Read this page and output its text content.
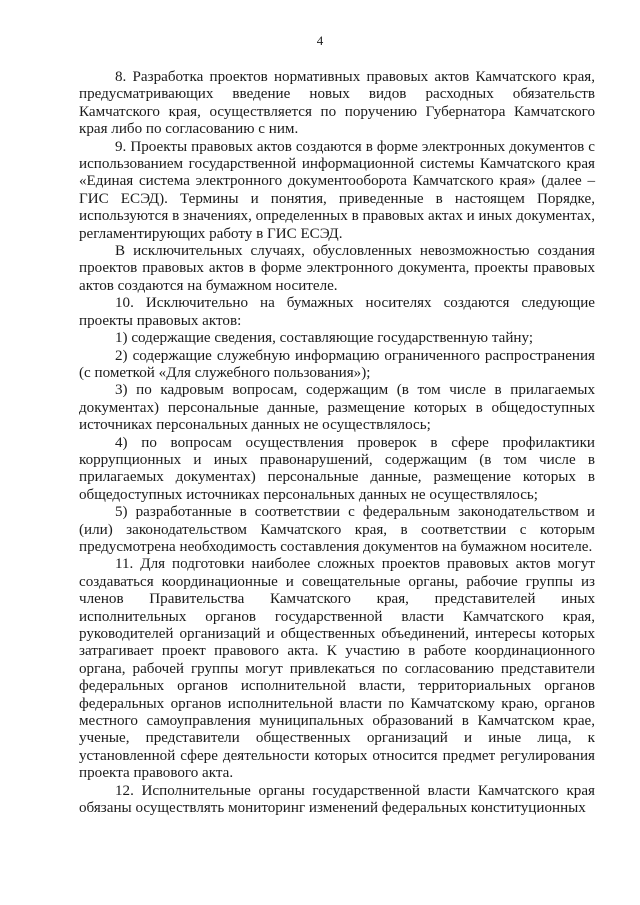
4

8. Разработка проектов нормативных правовых актов Камчатского края, предусматривающих введение новых видов расходных обязательств Камчатского края, осуществляется по поручению Губернатора Камчатского края либо по согласованию с ним.

9. Проекты правовых актов создаются в форме электронных документов с использованием государственной информационной системы Камчатского края «Единая система электронного документооборота Камчатского края» (далее – ГИС ЕСЭД). Термины и понятия, приведенные в настоящем Порядке, используются в значениях, определенных в правовых актах и иных документах, регламентирующих работу в ГИС ЕСЭД.

В исключительных случаях, обусловленных невозможностью создания проектов правовых актов в форме электронного документа, проекты правовых актов создаются на бумажном носителе.

10. Исключительно на бумажных носителях создаются следующие проекты правовых актов:

1) содержащие сведения, составляющие государственную тайну;

2) содержащие служебную информацию ограниченного распространения (с пометкой «Для служебного пользования»);

3) по кадровым вопросам, содержащим (в том числе в прилагаемых документах) персональные данные, размещение которых в общедоступных источниках персональных данных не осуществлялось;

4) по вопросам осуществления проверок в сфере профилактики коррупционных и иных правонарушений, содержащим (в том числе в прилагаемых документах) персональные данные, размещение которых в общедоступных источниках персональных данных не осуществлялось;

5) разработанные в соответствии с федеральным законодательством и (или) законодательством Камчатского края, в соответствии с которым предусмотрена необходимость составления документов на бумажном носителе.

11. Для подготовки наиболее сложных проектов правовых актов могут создаваться координационные и совещательные органы, рабочие группы из членов Правительства Камчатского края, представителей иных исполнительных органов государственной власти Камчатского края, руководителей организаций и общественных объединений, интересы которых затрагивает проект правового акта. К участию в работе координационного органа, рабочей группы могут привлекаться по согласованию представители федеральных органов исполнительной власти, территориальных органов федеральных органов исполнительной власти по Камчатскому краю, органов местного самоуправления муниципальных образований в Камчатском крае, ученые, представители общественных организаций и иные лица, к установленной сфере деятельности которых относится предмет регулирования проекта правового акта.

12. Исполнительные органы государственной власти Камчатского края обязаны осуществлять мониторинг изменений федеральных конституционных
